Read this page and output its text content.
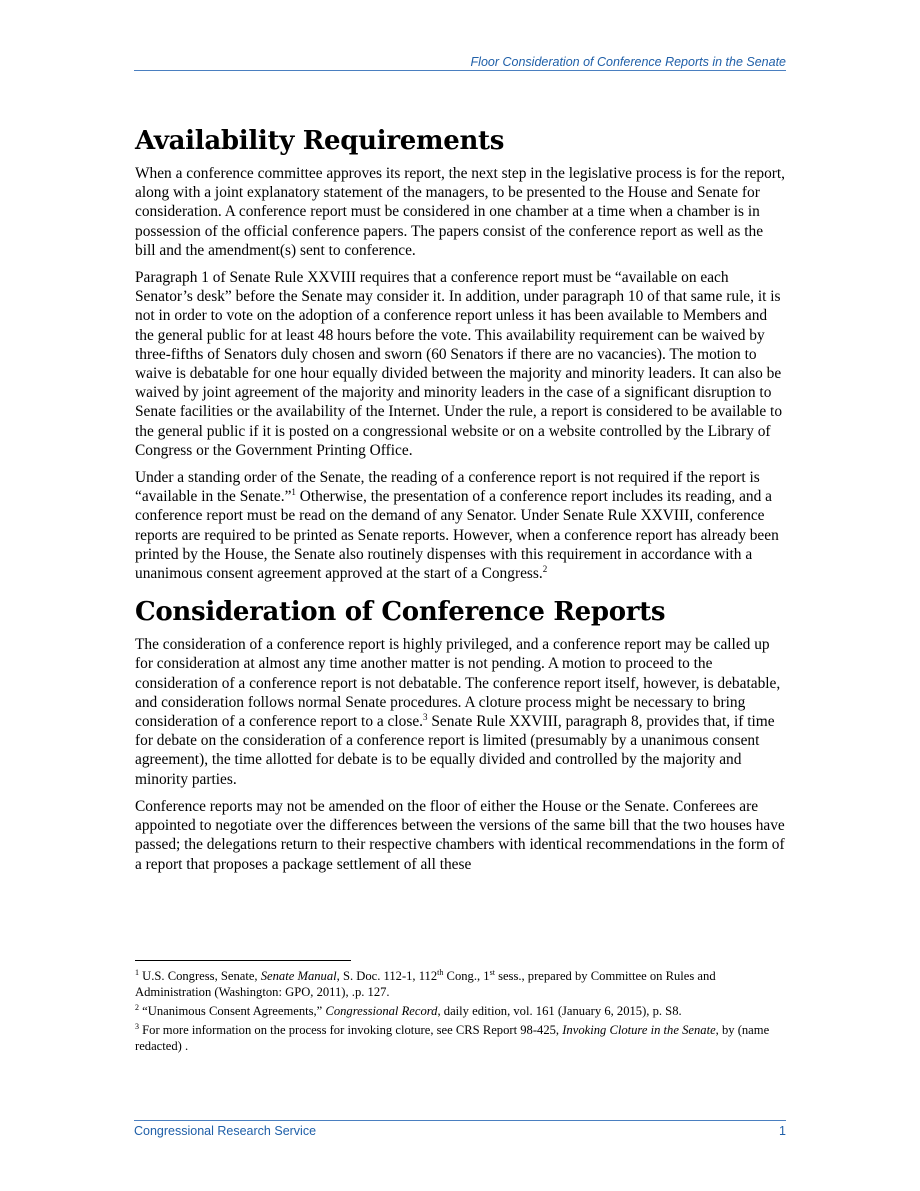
Floor Consideration of Conference Reports in the Senate
Availability Requirements

When a conference committee approves its report, the next step in the legislative process is for the report, along with a joint explanatory statement of the managers, to be presented to the House and Senate for consideration. A conference report must be considered in one chamber at a time when a chamber is in possession of the official conference papers. The papers consist of the conference report as well as the bill and the amendment(s) sent to conference.

Paragraph 1 of Senate Rule XXVIII requires that a conference report must be “available on each Senator’s desk” before the Senate may consider it. In addition, under paragraph 10 of that same rule, it is not in order to vote on the adoption of a conference report unless it has been available to Members and the general public for at least 48 hours before the vote. This availability requirement can be waived by three-fifths of Senators duly chosen and sworn (60 Senators if there are no vacancies). The motion to waive is debatable for one hour equally divided between the majority and minority leaders. It can also be waived by joint agreement of the majority and minority leaders in the case of a significant disruption to Senate facilities or the availability of the Internet. Under the rule, a report is considered to be available to the general public if it is posted on a congressional website or on a website controlled by the Library of Congress or the Government Printing Office.

Under a standing order of the Senate, the reading of a conference report is not required if the report is “available in the Senate.”$^1$ Otherwise, the presentation of a conference report includes its reading, and a conference report must be read on the demand of any Senator. Under Senate Rule XXVIII, conference reports are required to be printed as Senate reports. However, when a conference report has already been printed by the House, the Senate also routinely dispenses with this requirement in accordance with a unanimous consent agreement approved at the start of a Congress.$^2$

Consideration of Conference Reports

The consideration of a conference report is highly privileged, and a conference report may be called up for consideration at almost any time another matter is not pending. A motion to proceed to the consideration of a conference report is not debatable. The conference report itself, however, is debatable, and consideration follows normal Senate procedures. A cloture process might be necessary to bring consideration of a conference report to a close.$^3$ Senate Rule XXVIII, paragraph 8, provides that, if time for debate on the consideration of a conference report is limited (presumably by a unanimous consent agreement), the time allotted for debate is to be equally divided and controlled by the majority and minority parties.

Conference reports may not be amended on the floor of either the House or the Senate. Conferees are appointed to negotiate over the differences between the versions of the same bill that the two houses have passed; the delegations return to their respective chambers with identical recommendations in the form of a report that proposes a package settlement of all these

$^1$ U.S. Congress, Senate, Senate Manual, S. Doc. 112-1, 112th Cong., 1st sess., prepared by Committee on Rules and Administration (Washington: GPO, 2011), .p. 127.

$^2$ “Unanimous Consent Agreements,” Congressional Record, daily edition, vol. 161 (January 6, 2015), p. S8.

$^3$ For more information on the process for invoking cloture, see CRS Report 98-425, Invoking Cloture in the Senate, by (name redacted) .

Congressional Research Service	1
